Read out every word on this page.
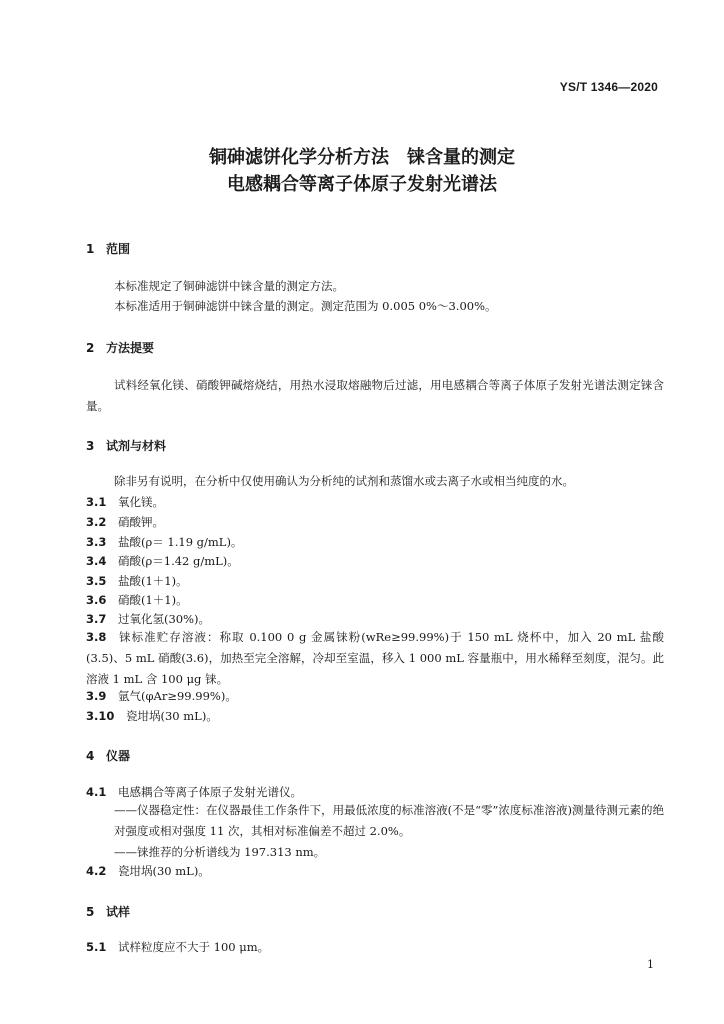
YS/T 1346—2020
铜砷滤饼化学分析方法　铼含量的测定
电感耦合等离子体原子发射光谱法
1 范围
本标准规定了铜砷滤饼中铼含量的测定方法。
本标准适用于铜砷滤饼中铼含量的测定。测定范围为 0.005 0%～3.00%。
2 方法提要
试料经氧化镁、硝酸钾碱熔烧结，用热水浸取熔融物后过滤，用电感耦合等离子体原子发射光谱法测定铼含量。
3 试剂与材料
除非另有说明，在分析中仅使用确认为分析纯的试剂和蒸馏水或去离子水或相当纯度的水。
3.1 氧化镁。
3.2 硝酸钾。
3.3 盐酸(ρ＝ 1.19 g/mL)。
3.4 硝酸(ρ＝1.42 g/mL)。
3.5 盐酸(1＋1)。
3.6 硝酸(1＋1)。
3.7 过氧化氢(30%)。
3.8 铼标准贮存溶液：称取 0.100 0 g 金属铼粉(wRe≥99.99%)于 150 mL 烧杯中，加入 20 mL 盐酸(3.5)、5 mL 硝酸(3.6)，加热至完全溶解，冷却至室温，移入 1 000 mL 容量瓶中，用水稀释至刻度，混匀。此溶液 1 mL 含 100 μg 铼。
3.9 氩气(φAr≥99.99%)。
3.10 瓷坩埚(30 mL)。
4 仪器
4.1 电感耦合等离子体原子发射光谱仪。
——仪器稳定性：在仪器最佳工作条件下，用最低浓度的标准溶液(不是“零”浓度标准溶液)测量待测元素的绝对强度或相对强度 11 次，其相对标准偏差不超过 2.0%。
——铼推荐的分析谱线为 197.313 nm。
4.2 瓷坩埚(30 mL)。
5 试样
5.1 试样粒度应不大于 100 μm。
1
